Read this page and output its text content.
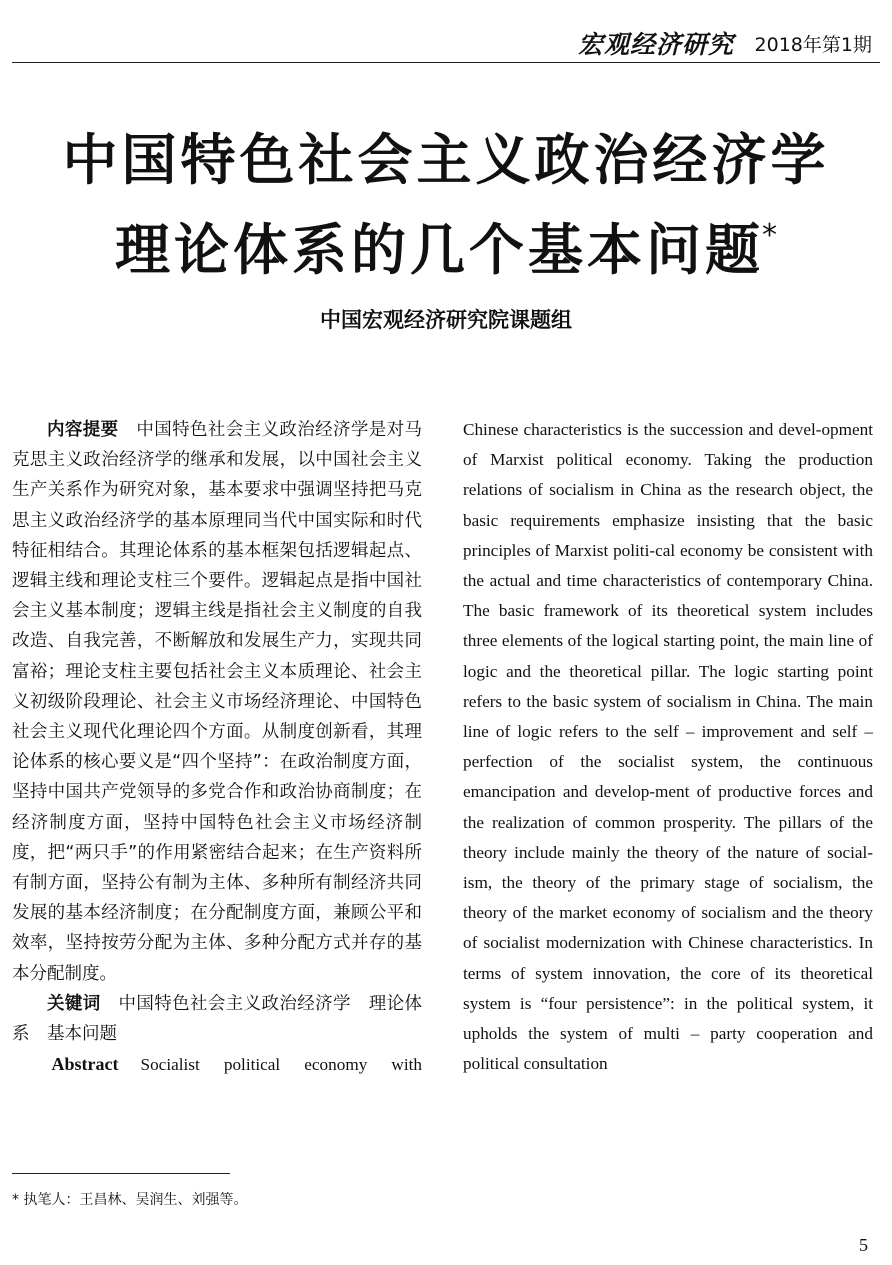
宏观经济研究 2018年第1期
中国特色社会主义政治经济学
理论体系的几个基本问题*
中国宏观经济研究院课题组

内容提要　 中国特色社会主义政治经济学是对马克思主义政治经济学的继承和发展，以中国社会主义生产关系作为研究对象，基本要求中强调坚持把马克思主义政治经济学的基本原理同当代中国实际和时代特征相结合。其理论体系的基本框架包括逻辑起点、逻辑主线和理论支柱三个要件。逻辑起点是指中国社会主义基本制度；逻辑主线是指社会主义制度的自我改造、自我完善，不断解放和发展生产力，实现共同富裕；理论支柱主要包括社会主义本质理论、社会主义初级阶段理论、社会主义市场经济理论、中国特色社会主义现代化理论四个方面。从制度创新看，其理论体系的核心要义是“四个坚持”：在政治制度方面，坚持中国共产党领导的多党合作和政治协商制度；在经济制度方面，坚持中国特色社会主义市场经济制度，把“两只手”的作用紧密结合起来；在生产资料所有制方面，坚持公有制为主体、多种所有制经济共同发展的基本经济制度；在分配制度方面，兼顾公平和效率，坚持按劳分配为主体、多种分配方式并存的基本分配制度。

关键词　 中国特色社会主义政治经济学　理论体系　基本问题

Abstract Socialist political economy with

Chinese characteristics is the succession and devel-opment of Marxist political economy. Taking the production relations of socialism in China as the research object, the basic requirements emphasize insisting that the basic principles of Marxist politi-cal economy be consistent with the actual and time characteristics of contemporary China. The basic framework of its theoretical system includes three elements of the logical starting point, the main line of logic and the theoretical pillar. The logic starting point refers to the basic system of socialism in China. The main line of logic refers to the self – improvement and self – perfection of the socialist system, the continuous emancipation and develop-ment of productive forces and the realization of common prosperity. The pillars of the theory include mainly the theory of the nature of social-ism, the theory of the primary stage of socialism, the theory of the market economy of socialism and the theory of socialist modernization with Chinese characteristics. In terms of system innovation, the core of its theoretical system is “four persistence”: in the political system, it upholds the system of multi – party cooperation and political consultation

* 执笔人：王昌林、吴润生、刘强等。
5
